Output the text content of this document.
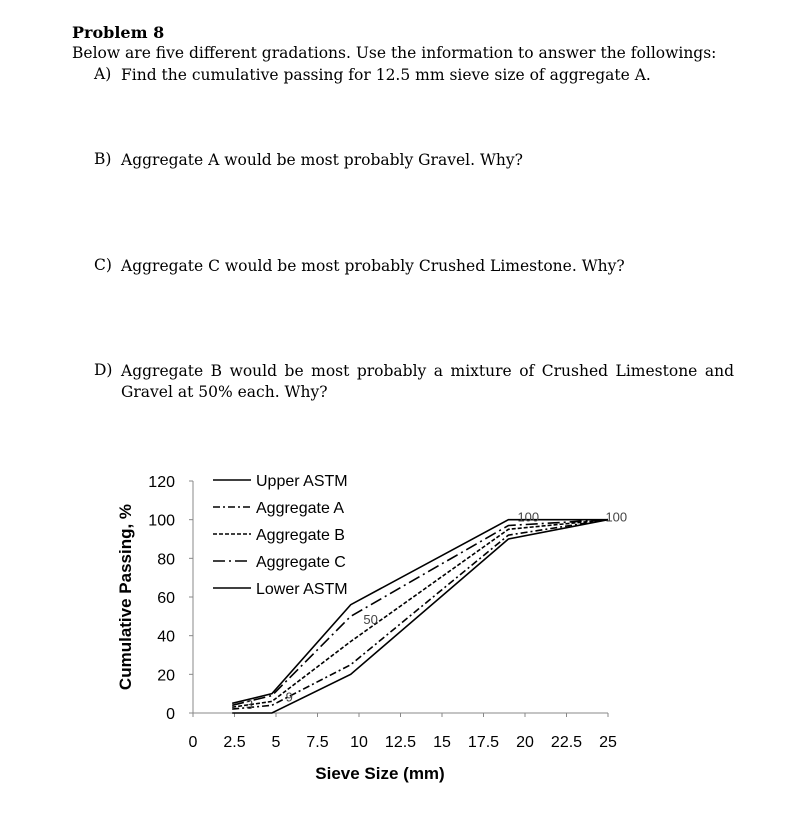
Problem 8
Below are five different gradations. Use the information to answer the followings:
A) Find the cumulative passing for 12.5 mm sieve size of aggregate A.
B) Aggregate A would be most probably Gravel. Why?
C) Aggregate C would be most probably Crushed Limestone. Why?
D) Aggregate B would be most probably a mixture of Crushed Limestone and Gravel at 50% each. Why?
0
20
40
60
80
100
120
0 2.5 5 7.5 10 12.5 15 17.5 20 22.5 25
Sieve Size (mm)
Cumulative Passing, %
3
9
50
100	100
Upper ASTM
Aggregate A
Aggregate B
Aggregate C
Lower ASTM
